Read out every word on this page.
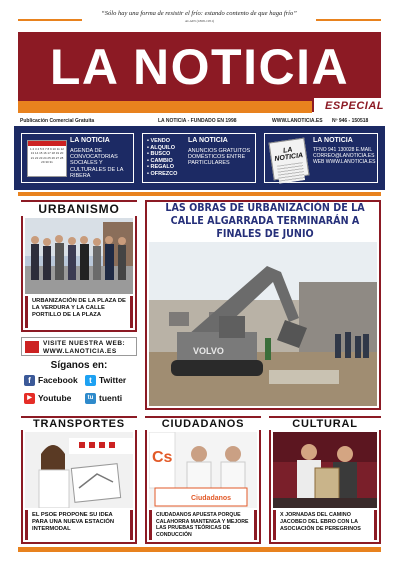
“Sólo hay una forma de resistir el frío: estando contento de que haga frío”
ALAIN (1868-1951)
LA NOTICIA
ESPECIAL
Publicación Comercial Gratuita	LA NOTICIA - FUNDADO EN 1998	WWW.LANOTICIA.ES Nº 946 - 150518
1 2 3 4 5 6 7 8 9 10 11 12 13 14 15 16 17 18 19 20 21 22 23 24 25 26 27 28 29 30 31
LA NOTICIA
AGENDA DE CONVOCATORIAS SOCIALES Y CULTURALES DE LA RIBERA
• VENDO
• ALQUILO
• BUSCO
• CAMBIO
• REGALO
• OFREZCO
LA NOTICIA
ANUNCIOS GRATUITOS DOMÉSTICOS ENTRE PARTICULARES
LA NOTICIA
LA NOTICIA
TFNO 941 130028 E.MAIL CORREO@LANOTICIA.ES WEB WWW.LANOTICIA.ES
URBANISMO
URBANIZACIÓN DE LA PLAZA DE LA VERDURA Y LA CALLE PORTILLO DE LA PLAZA
LAS OBRAS DE URBANIZACIÓN DE LA CALLE ALGARRADA TERMINARÁN A FINALES DE JUNIO
VOLVO
VISITE NUESTRA WEB:
WWW.LANOTICIA.ES
Síganos en:
f Facebook	t Twitter
▶ Youtube	tu tuenti
TRANSPORTES
EL PSOE PROPONE SU IDEA PARA UNA NUEVA ESTACIÓN INTERMODAL
CIUDADANOS
Cs
Ciudadanos
CIUDADANOS APUESTA PORQUE CALAHORRA MANTENGA Y MEJORE LAS PRUEBAS TEÓRICAS DE CONDUCCIÓN
CULTURAL
X JORNADAS DEL CAMINO JACOBEO DEL EBRO CON LA ASOCIACIÓN DE PEREGRINOS
